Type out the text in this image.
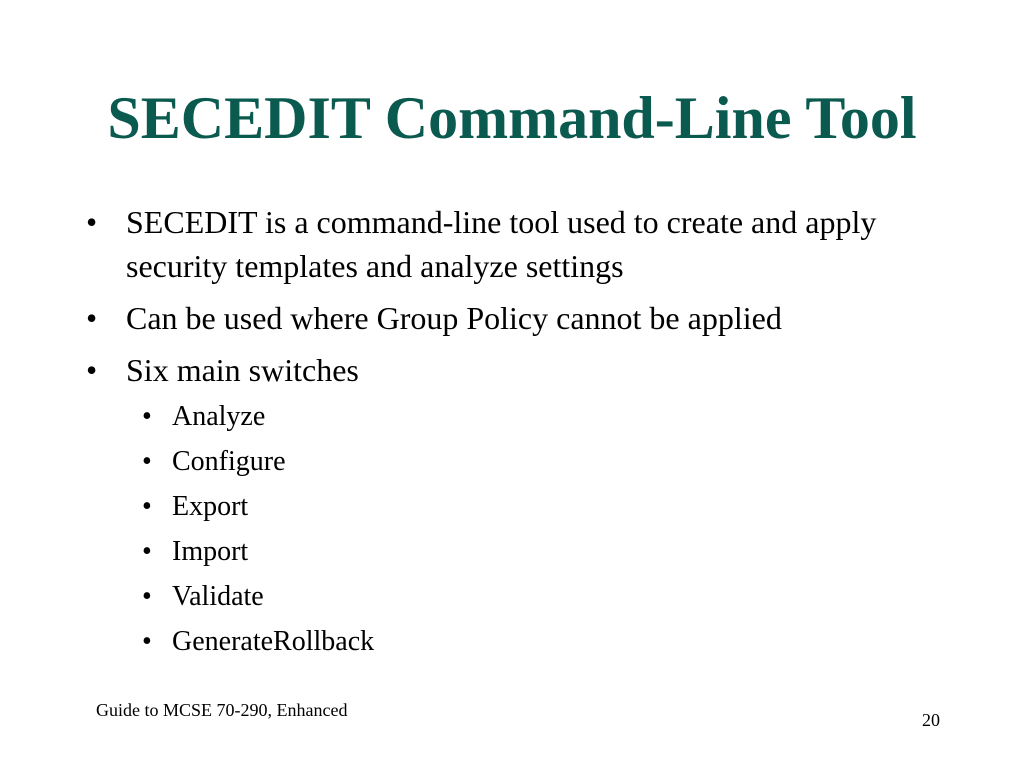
SECEDIT Command-Line Tool
• SECEDIT is a command-line tool used to create and apply security templates and analyze settings
• Can be used where Group Policy cannot be applied
• Six main switches
• Analyze
• Configure
• Export
• Import
• Validate
• GenerateRollback
Guide to MCSE 70-290, Enhanced	20
